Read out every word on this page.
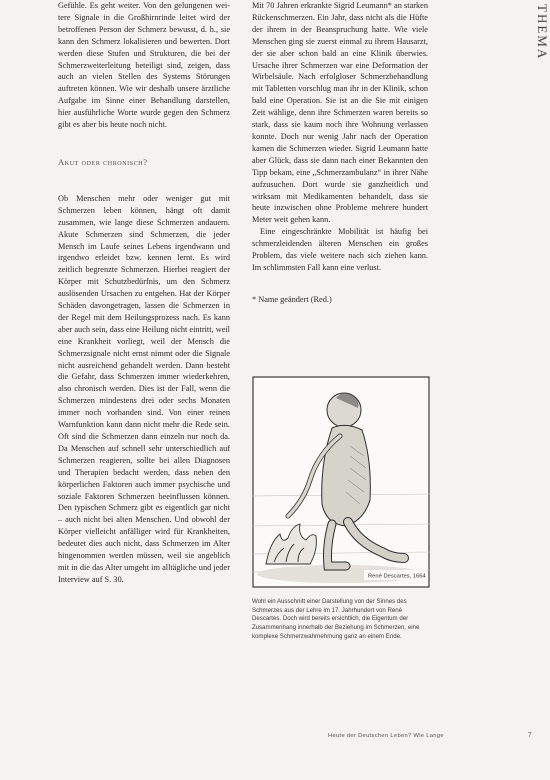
THEMA

Gefühle. Es geht weiter. Von den gelungenen wei-tere Signale in die Großhirnrinde leitet wird der betroffenen Person der Schmerz bewusst, d. h., sie kann den Schmerz lokalisieren und bewerten. Dort werden diese Stufen und Strukturen, die bei der Schmerzweiterleitung beteiligt sind, zeigen, dass auch an vielen Stellen des Systems Störungen auftreten können. Wie wir deshalb unsere ärztliche Aufgabe im Sinne einer Behandlung darstellen, hier ausführliche Worte wurde gegen den Schmerz gibt es aber bis heute noch nicht.

Akut oder chronisch?

Ob Menschen mehr oder weniger gut mit Schmerzen leben können, hängt oft damit zusammen, wie lange diese Schmerzen andauern. Akute Schmerzen sind Schmerzen, die jeder Mensch im Laufe seines Lebens irgendwann und irgendwo erleidet bzw. kennen lernt. Es wird zeitlich begrenzte Schmerzen. Hierbei reagiert der Körper mit Schutzbedürfnis, um den Schmerz auslösenden Ursachen zu entgehen. Hat der Körper Schäden davongetragen, lassen die Schmerzen in der Regel mit dem Heilungsprozess nach. Es kann aber auch sein, dass eine Heilung nicht eintritt, weil eine Krankheit vorliegt, weil der Mensch die Schmerzsignale nicht ernst nimmt oder die Signale nicht ausreichend gehandelt werden. Dann besteht die Gefahr, dass Schmerzen immer wiederkehren, also chronisch werden. Dies ist der Fall, wenn die Schmerzen mindestens drei oder sechs Monaten immer noch vorhanden sind. Von einer reinen Warnfunktion kann dann nicht mehr die Rede sein. Oft sind die Schmerzen dann einzeln nur noch da. Da Menschen auf schnell sehr unterschiedlich auf Schmerzen reagieren, sollte bei allen Diagnosen und Therapien bedacht werden, dass neben den körperlichen Faktoren auch immer psychische und soziale Faktoren Schmerzen beeinflussen können. Den typischen Schmerz gibt es eigentlich gar nicht – auch nicht bei alten Menschen. Und obwohl der Körper vielleicht anfälliger wird für Krankheiten, bedeutet dies auch nicht, dass Schmerzen im Alter hingenommen werden müssen, weil sie angeblich mit in die das Alter umgeht im alltägliche und jeder Interview auf S. 30.

Mit 70 Jahren erkrankte Sigrid Leumann* an starken Rückenschmerzen. Ein Jahr, dass nicht als die Hüfte der ihrem in der Beanspruchung hatte. Wie viele Menschen ging sie zuerst einmal zu ihrem Hausarzt, der sie aber schon bald an eine Klinik überwies. Ursache ihrer Schmerzen war eine Deformation der Wirbelsäule. Nach erfolgloser Schmerzbehandlung mit Tabletten vorschlug man ihr in der Klinik, schon bald eine Operation. Sie ist an die Sie mit einigen Zeit wählige, denn ihre Schmerzen waren bereits so stark, dass sie kaum noch ihre Wohnung verlassen konnte. Doch nur wenig Jahr nach der Operation kamen die Schmerzen wieder. Sigrid Leumann hatte aber Glück, dass sie dann nach einer Bekannten den Tipp bekam, eine „Schmerzambulanz“ in ihrer Nähe aufzusuchen. Dort wurde sie ganzheitlich und wirksam mit Medikamenten behandelt, dass sie heute inzwischen ohne Probleme mehrere hundert Meter weit gehen kann.

Eine eingeschränkte Mobilität ist häufig bei schmerzleidenden älteren Menschen ein großes Problem, das viele weitere nach sich ziehen kann. Im schlimmsten Fall kann eine verlust.

* Name geändert (Red.)

René Descartes, 1664
Wohl ein Ausschnitt einer Darstellung von der Sinnes des Schmerzes aus der Lehre im 17. Jahrhundert von René Descartes. Doch wird bereits ersichtlich, die Eigentum der Zusammenhang innerhalb der Beziehung im Schmerzen, eine komplexe Schmerzwahrnehmung ganz an einem Ende.
Heute der Deutschen Leben? Wie Lange	7
